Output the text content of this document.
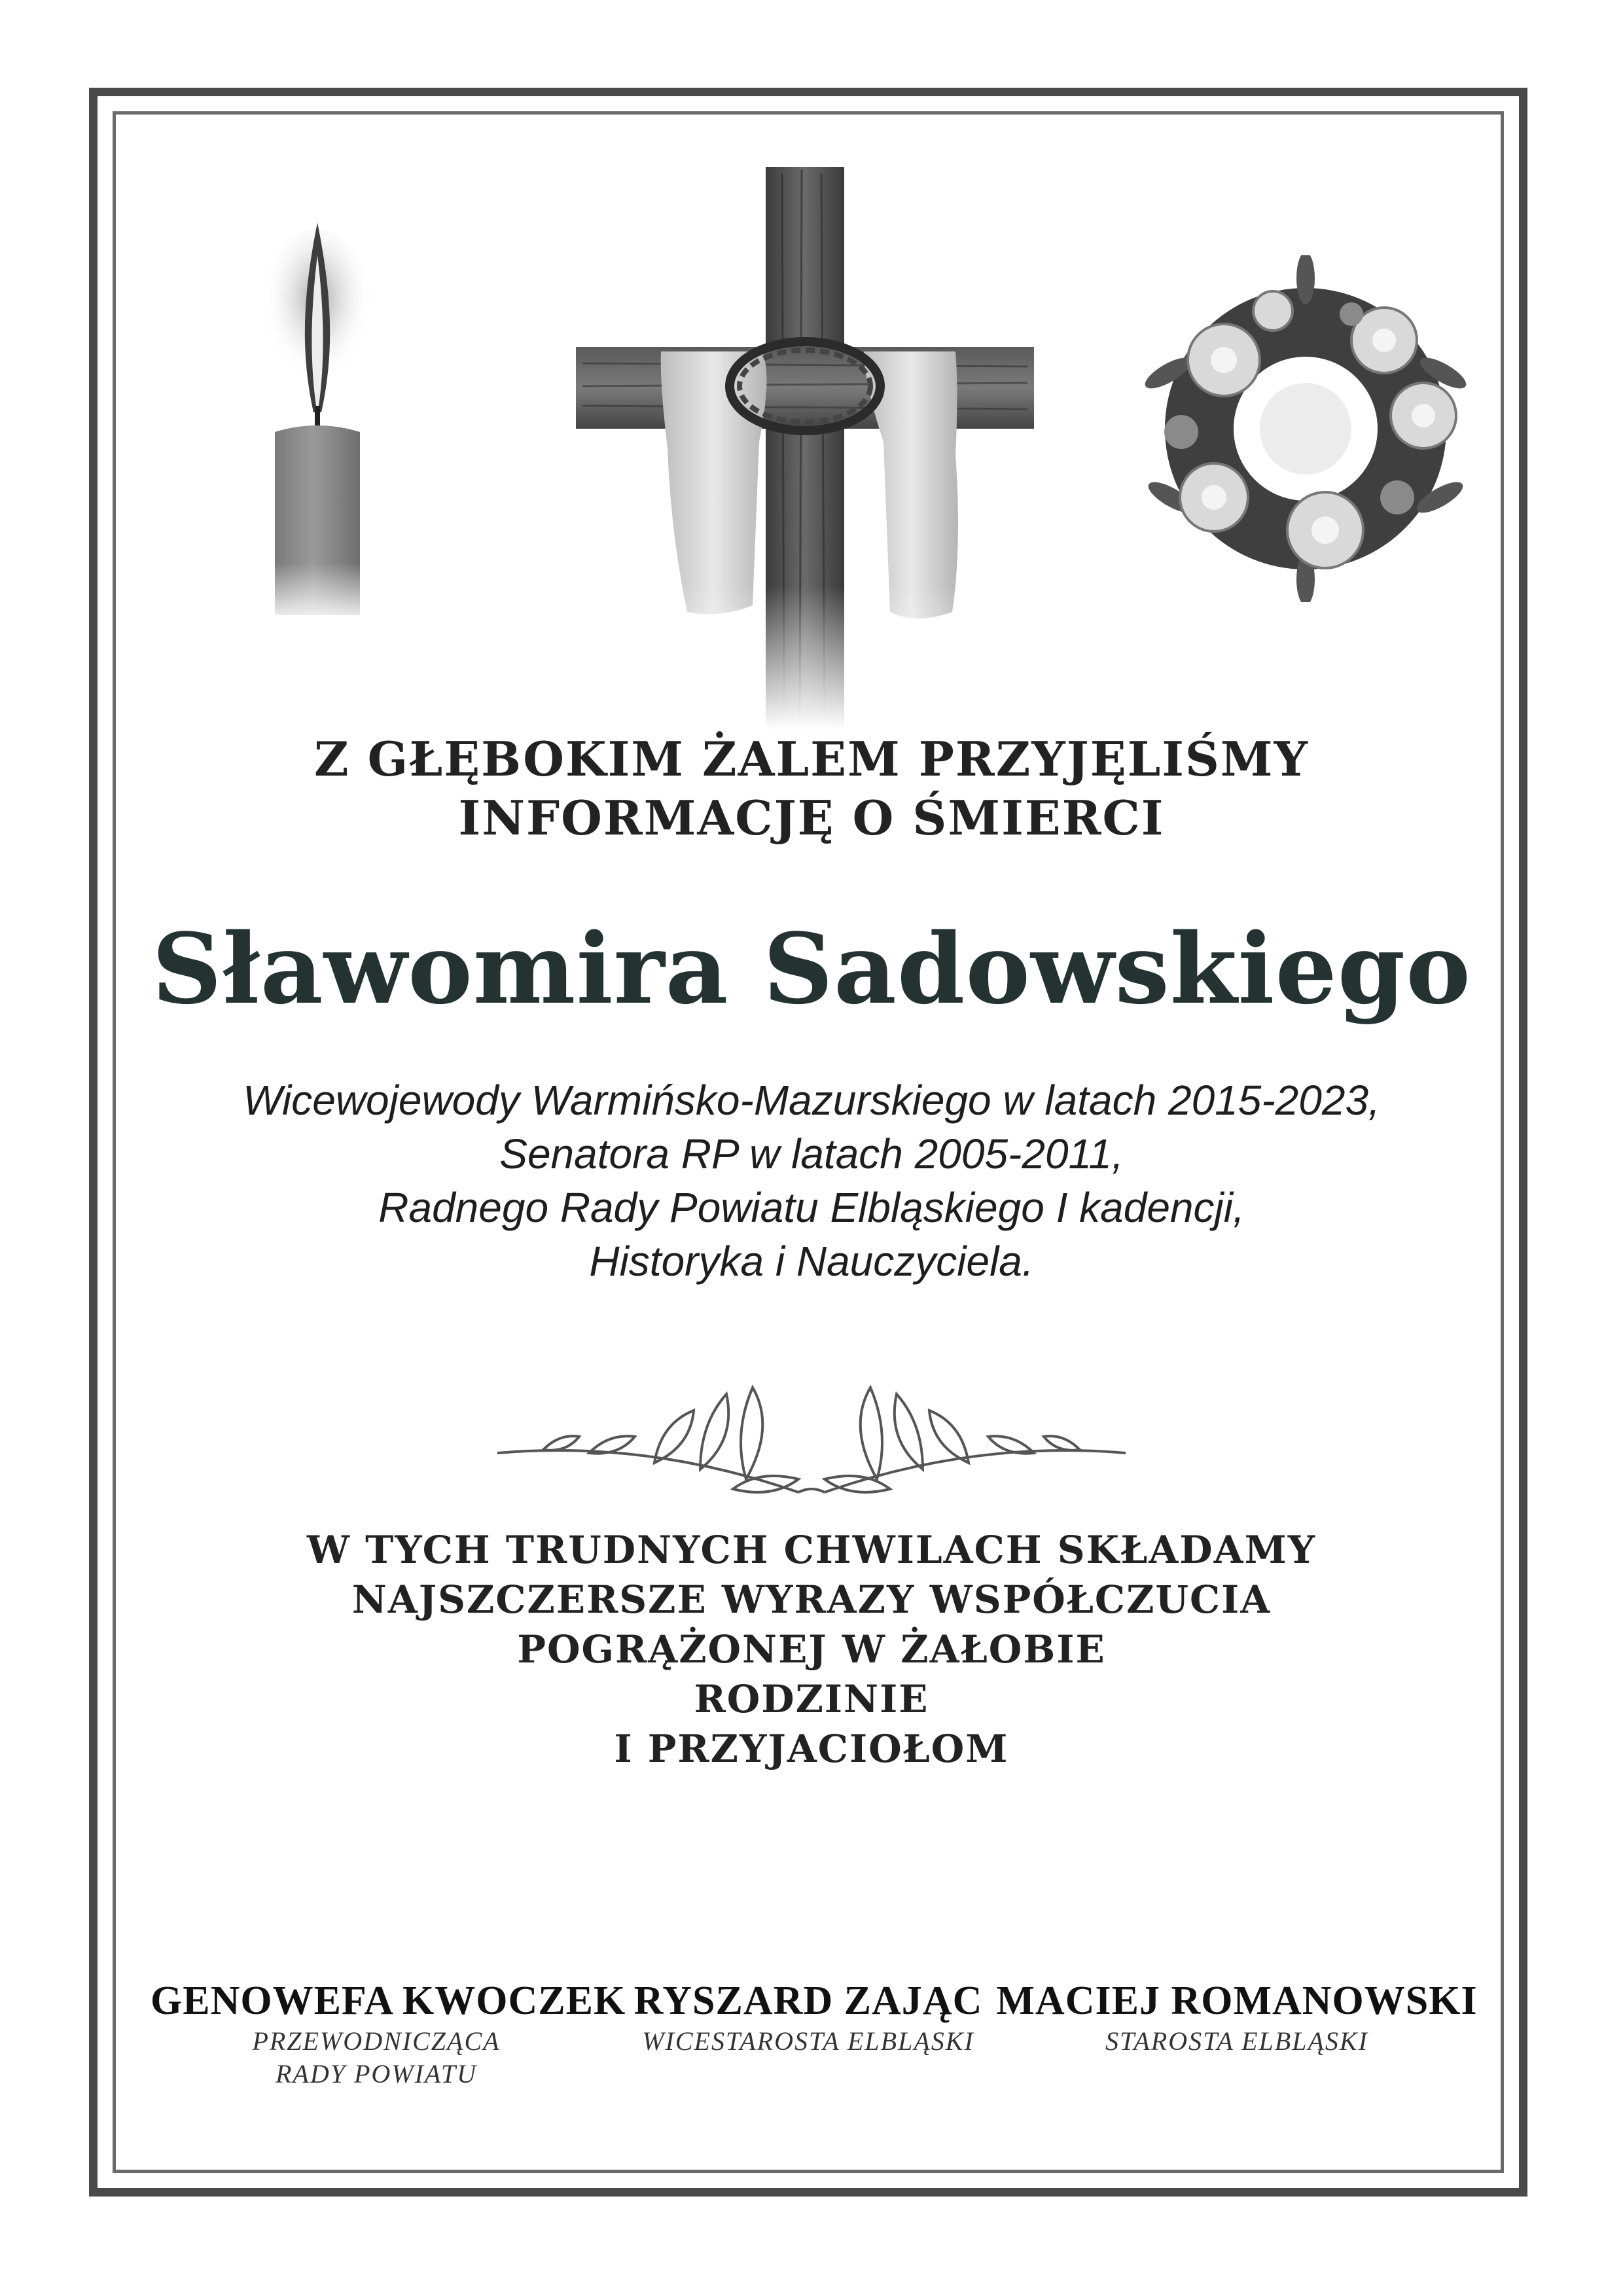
Z GŁĘBOKIM ŻALEM PRZYJĘLIŚMY
INFORMACJĘ O ŚMIERCI
Sławomira Sadowskiego
Wicewojewody Warmińsko-Mazurskiego w latach 2015-2023,
Senatora RP w latach 2005-2011,
Radnego Rady Powiatu Elbląskiego I kadencji,
Historyka i Nauczyciela.
W TYCH TRUDNYCH CHWILACH SKŁADAMY
NAJSZCZERSZE WYRAZY WSPÓŁCZUCIA
POGRĄŻONEJ W ŻAŁOBIE
RODZINIE
I PRZYJACIOŁOM
GENOWEFA KWOCZEK
PRZEWODNICZĄCA
RADY POWIATU
RYSZARD ZAJĄC
WICESTAROSTA ELBLĄSKI
MACIEJ ROMANOWSKI
STAROSTA ELBLĄSKI
